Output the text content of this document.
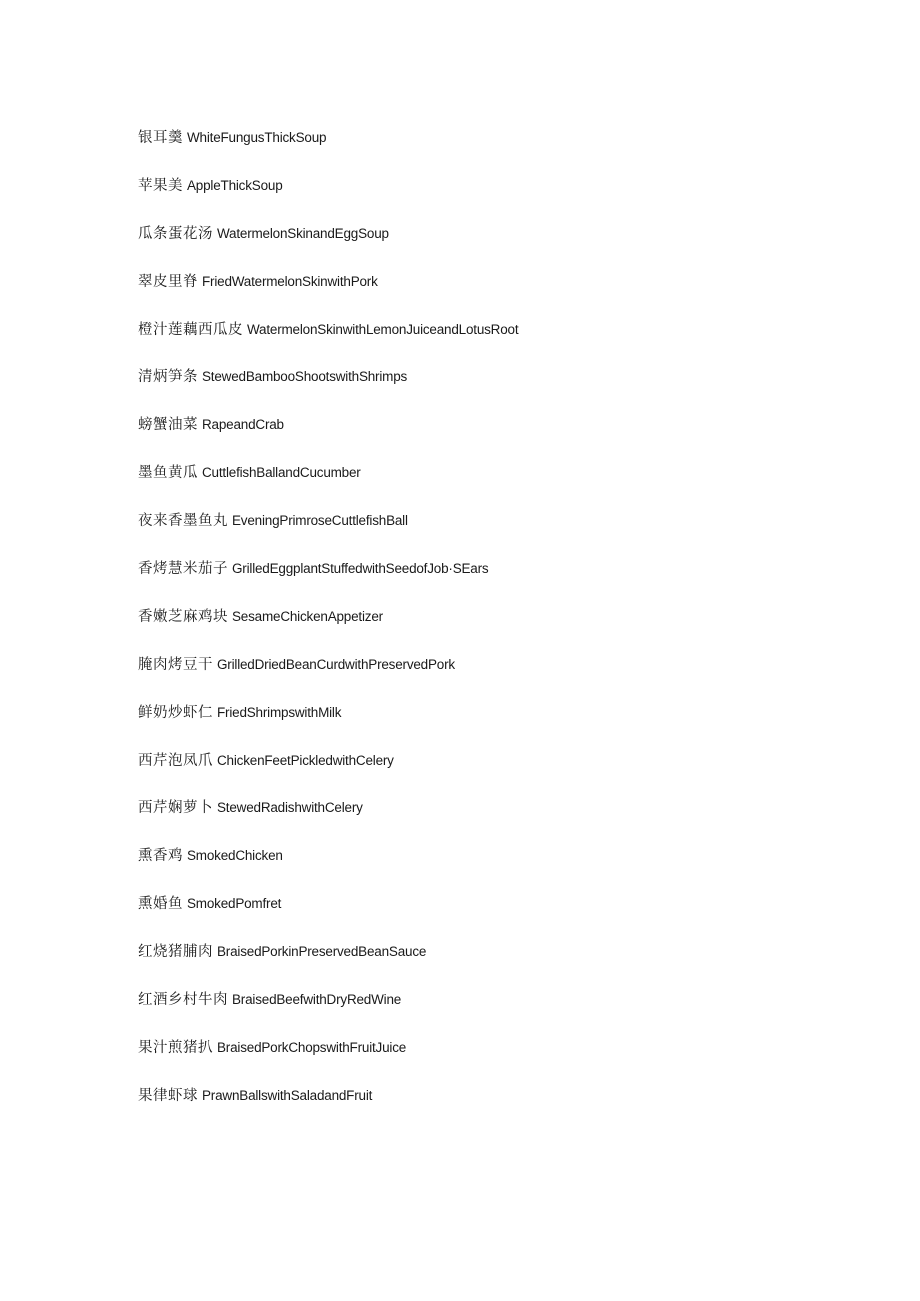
银耳羹 WhiteFungusThickSoup
苹果美 AppleThickSoup
瓜条蛋花汤 WatermelonSkinandEggSoup
翠皮里脊 FriedWatermelonSkinwithPork
橙汁莲藕西瓜皮 WatermelonSkinwithLemonJuiceandLotusRoot
清炳笋条 StewedBambooShootswithShrimps
螃蟹油菜 RapeandCrab
墨鱼黄瓜 CuttlefishBallandCucumber
夜来香墨鱼丸 EveningPrimroseCuttlefishBall
香烤慧米茄子 GrilledEggplantStuffedwithSeedofJob·SEars
香嫩芝麻鸡块 SesameChickenAppetizer
腌肉烤豆干 GrilledDriedBeanCurdwithPreservedPork
鲜奶炒虾仁 FriedShrimpswithMilk
西芹泡凤爪 ChickenFeetPickledwithCelery
西芹娴萝卜 StewedRadishwithCelery
熏香鸡 SmokedChicken
熏婚鱼 SmokedPomfret
红烧猪脯肉 BraisedPorkinPreservedBeanSauce
红酒乡村牛肉 BraisedBeefwithDryRedWine
果汁煎猪扒 BraisedPorkChopswithFruitJuice
果律虾球 PrawnBallswithSaladandFruit
